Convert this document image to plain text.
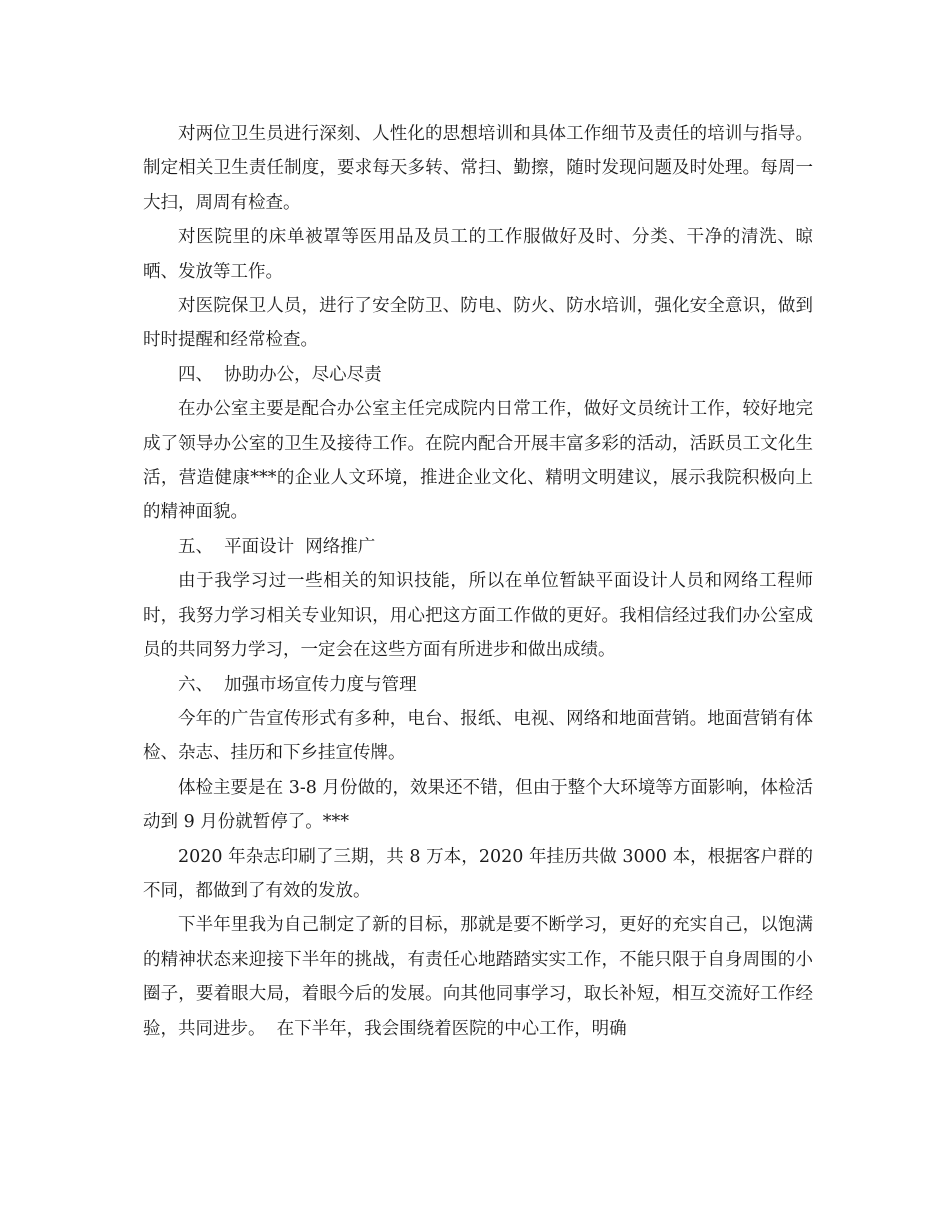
对两位卫生员进行深刻、人性化的思想培训和具体工作细节及责任的培训与指导。制定相关卫生责任制度，要求每天多转、常扫、勤擦，随时发现问题及时处理。每周一大扫，周周有检查。

对医院里的床单被罩等医用品及员工的工作服做好及时、分类、干净的清洗、晾晒、发放等工作。

对医院保卫人员，进行了安全防卫、防电、防火、防水培训，强化安全意识，做到时时提醒和经常检查。

四、  协助办公，尽心尽责

在办公室主要是配合办公室主任完成院内日常工作，做好文员统计工作，较好地完成了领导办公室的卫生及接待工作。在院内配合开展丰富多彩的活动，活跃员工文化生活，营造健康***的企业人文环境，推进企业文化、精明文明建议，展示我院积极向上的精神面貌。

五、  平面设计  网络推广

由于我学习过一些相关的知识技能，所以在单位暂缺平面设计人员和网络工程师时，我努力学习相关专业知识，用心把这方面工作做的更好。我相信经过我们办公室成员的共同努力学习，一定会在这些方面有所进步和做出成绩。

六、  加强市场宣传力度与管理

今年的广告宣传形式有多种，电台、报纸、电视、网络和地面营销。地面营销有体检、杂志、挂历和下乡挂宣传牌。

体检主要是在 3-8 月份做的，效果还不错，但由于整个大环境等方面影响，体检活动到 9 月份就暂停了。***

2020 年杂志印刷了三期，共 8 万本，2020 年挂历共做 3000 本，根据客户群的不同，都做到了有效的发放。

下半年里我为自己制定了新的目标，那就是要不断学习，更好的充实自己，以饱满的精神状态来迎接下半年的挑战，有责任心地踏踏实实工作，不能只限于自身周围的小圈子，要着眼大局，着眼今后的发展。向其他同事学习，取长补短，相互交流好工作经验，共同进步。  在下半年，我会围绕着医院的中心工作，明确
